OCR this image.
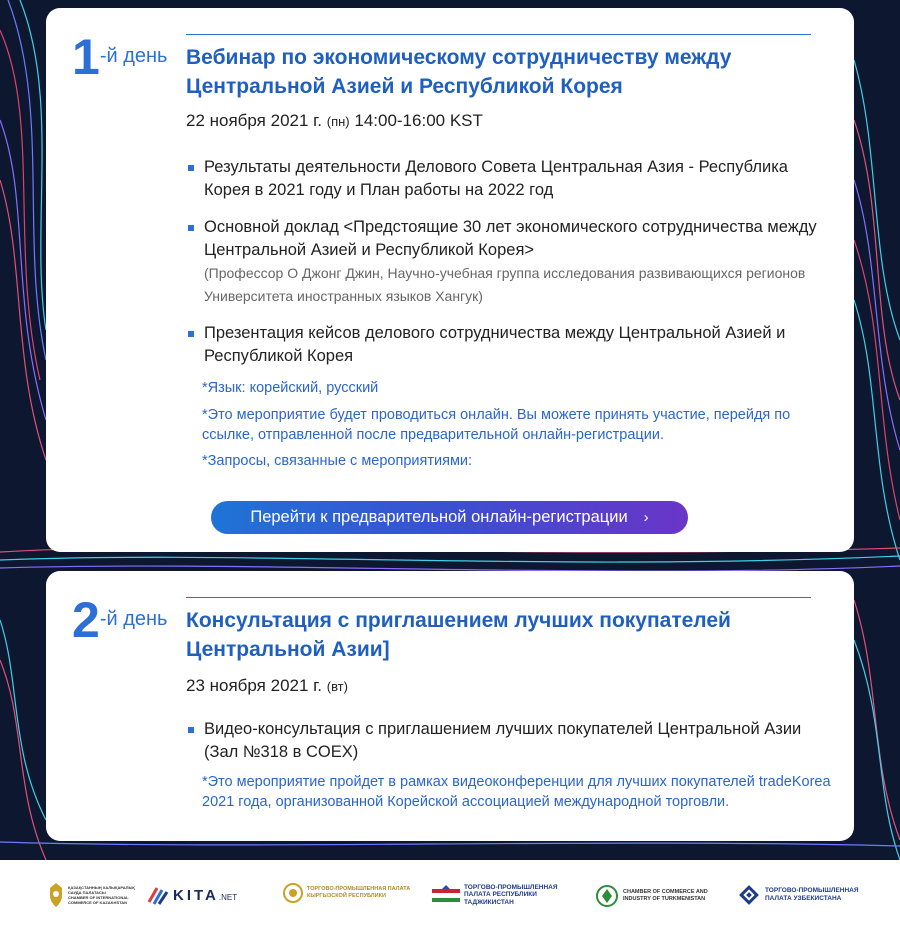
1 -й день Вебинар по экономическому сотрудничеству между Центральной Азией и Республикой Корея
22 ноября 2021 г. (пн) 14:00-16:00 KST
Результаты деятельности Делового Совета Центральная Азия - Республика Корея в 2021 году и План работы на 2022 год
Основной доклад <Предстоящие 30 лет экономического сотрудничества между Центральной Азией и Республикой Корея>
(Профессор О Джонг Джин, Научно-учебная группа исследования развивающихся регионов Университета иностранных языков Хангук)
Презентация кейсов делового сотрудничества между Центральной Азией и Республикой Корея

*Язык: корейский, русский

*Это мероприятие будет проводиться онлайн. Вы можете принять участие, перейдя по ссылке, отправленной после предварительной онлайн-регистрации.

*Запросы, связанные с мероприятиями:

Перейти к предварительной онлайн-регистрации ›
2 -й день Консультация с приглашением лучших покупателей Центральной Азии]
23 ноября 2021 г. (вт)
Видео-консультация с приглашением лучших покупателей Центральной Азии (Зал №318 в COEX)

*Это мероприятие пройдет в рамках видеоконференции для лучших покупателей tradeKorea 2021 года, организованной Корейской ассоциацией международной торговли.

ҚАЗАҚСТАННЫҢ ХАЛЫҚАРАЛЫҚ
САУДА ПАЛАТАСЫ
CHAMBER OF INTERNATIONAL
COMMERCE OF KAZAKHSTAN	KITA .NET
ТОРГОВО-ПРОМЫШЛЕННАЯ ПАЛАТА
КЫРГЫЗСКОЙ РЕСПУБЛИКИ
ТОРГОВО-ПРОМЫШЛЕННАЯ
ПАЛАТА РЕСПУБЛИКИ
ТАДЖИКИСТАН
CHAMBER OF COMMERCE AND
INDUSTRY OF TURKMENISTAN
ТОРГОВО-ПРОМЫШЛЕННАЯ
ПАЛАТА УЗБЕКИСТАНА
